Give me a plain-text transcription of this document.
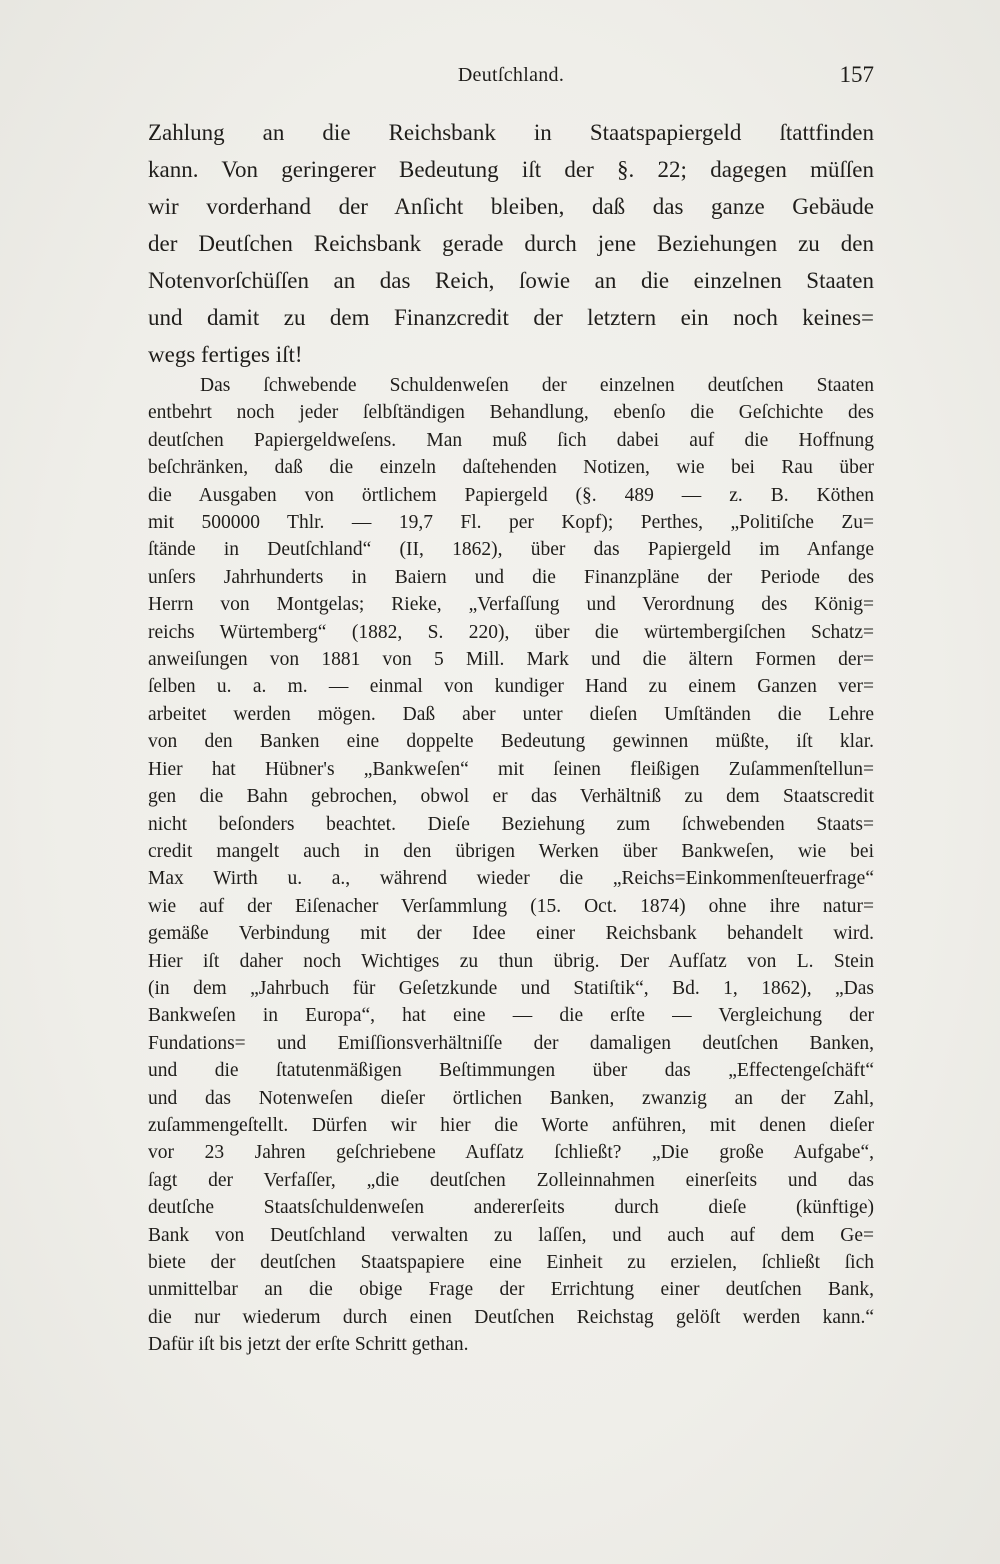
Deutſchland.	157
Zahlung an die Reichsbank in Staatspapiergeld ſtattfinden
kann. Von geringerer Bedeutung iſt der §. 22; dagegen müſſen
wir vorderhand der Anſicht bleiben, daß das ganze Gebäude
der Deutſchen Reichsbank gerade durch jene Beziehungen zu den
Notenvorſchüſſen an das Reich, ſowie an die einzelnen Staaten
und damit zu dem Finanzcredit der letztern ein noch keines=
wegs fertiges iſt!
Das ſchwebende Schuldenweſen der einzelnen deutſchen Staaten
entbehrt noch jeder ſelbſtändigen Behandlung, ebenſo die Geſchichte des
deutſchen Papiergeldweſens. Man muß ſich dabei auf die Hoffnung
beſchränken, daß die einzeln daſtehenden Notizen, wie bei Rau über
die Ausgaben von örtlichem Papiergeld (§. 489 — z. B. Köthen
mit 500000 Thlr. — 19,7 Fl. per Kopf); Perthes, „Politiſche Zu=
ſtände in Deutſchland“ (II, 1862), über das Papiergeld im Anfange
unſers Jahrhunderts in Baiern und die Finanzpläne der Periode des
Herrn von Montgelas; Rieke, „Verfaſſung und Verordnung des König=
reichs Würtemberg“ (1882, S. 220), über die würtembergiſchen Schatz=
anweiſungen von 1881 von 5 Mill. Mark und die ältern Formen der=
ſelben u. a. m. — einmal von kundiger Hand zu einem Ganzen ver=
arbeitet werden mögen. Daß aber unter dieſen Umſtänden die Lehre
von den Banken eine doppelte Bedeutung gewinnen müßte, iſt klar.
Hier hat Hübner's „Bankweſen“ mit ſeinen fleißigen Zuſammenſtellun=
gen die Bahn gebrochen, obwol er das Verhältniß zu dem Staatscredit
nicht beſonders beachtet. Dieſe Beziehung zum ſchwebenden Staats=
credit mangelt auch in den übrigen Werken über Bankweſen, wie bei
Max Wirth u. a., während wieder die „Reichs=Einkommenſteuerfrage“
wie auf der Eiſenacher Verſammlung (15. Oct. 1874) ohne ihre natur=
gemäße Verbindung mit der Idee einer Reichsbank behandelt wird.
Hier iſt daher noch Wichtiges zu thun übrig. Der Aufſatz von L. Stein
(in dem „Jahrbuch für Geſetzkunde und Statiſtik“, Bd. 1, 1862), „Das
Bankweſen in Europa“, hat eine — die erſte — Vergleichung der
Fundations= und Emiſſionsverhältniſſe der damaligen deutſchen Banken,
und die ſtatutenmäßigen Beſtimmungen über das „Effectengeſchäft“
und das Notenweſen dieſer örtlichen Banken, zwanzig an der Zahl,
zuſammengeſtellt. Dürfen wir hier die Worte anführen, mit denen dieſer
vor 23 Jahren geſchriebene Aufſatz ſchließt? „Die große Aufgabe“,
ſagt der Verfaſſer, „die deutſchen Zolleinnahmen einerſeits und das
deutſche Staatsſchuldenweſen andererſeits durch dieſe (künftige)
Bank von Deutſchland verwalten zu laſſen, und auch auf dem Ge=
biete der deutſchen Staatspapiere eine Einheit zu erzielen, ſchließt ſich
unmittelbar an die obige Frage der Errichtung einer deutſchen Bank,
die nur wiederum durch einen Deutſchen Reichstag gelöſt werden kann.“
Dafür iſt bis jetzt der erſte Schritt gethan.
